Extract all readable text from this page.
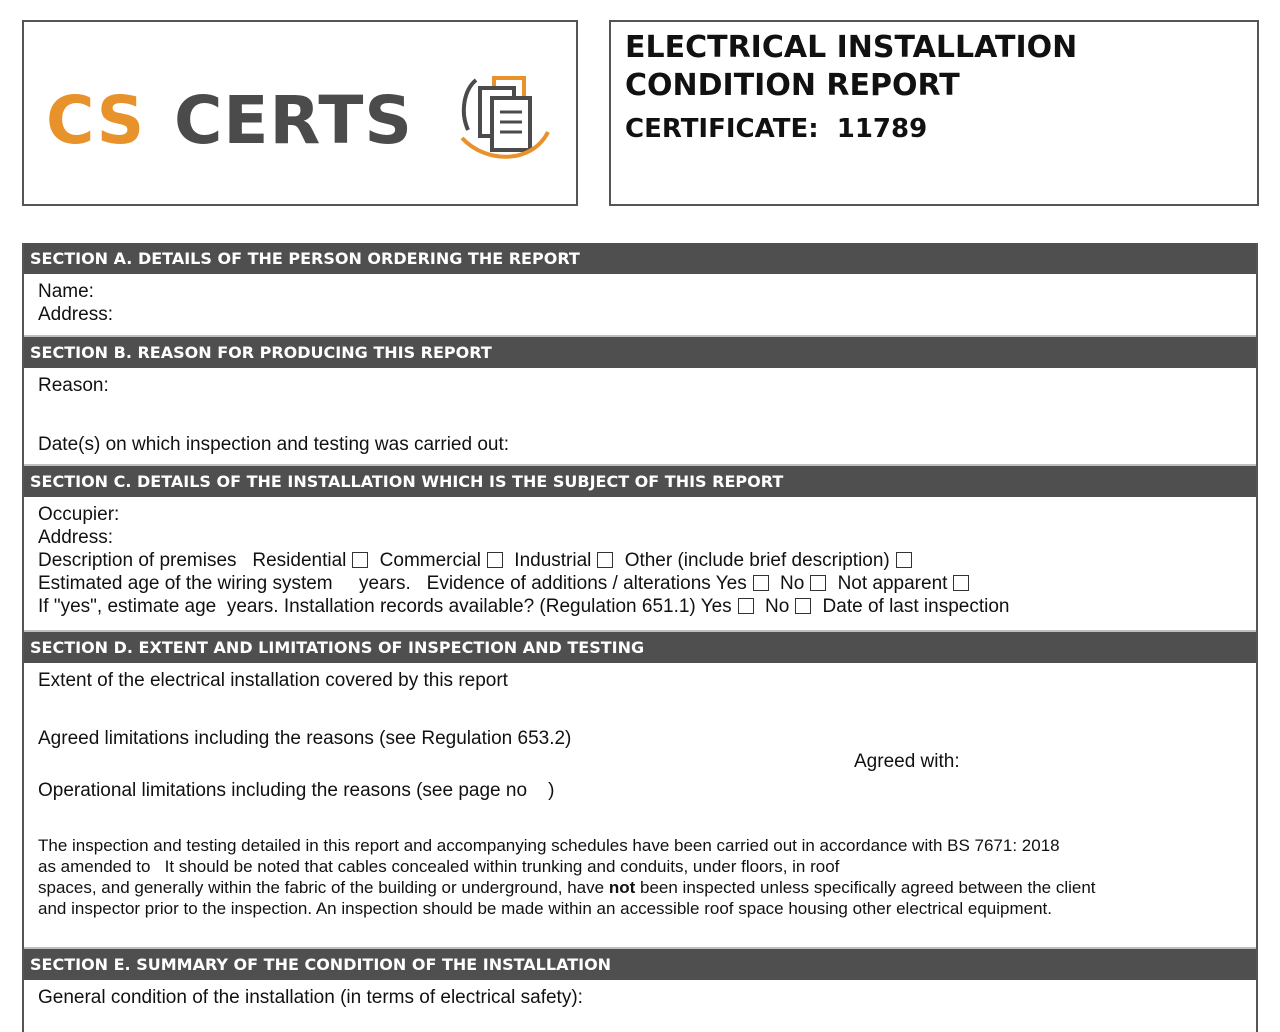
CS CERTS
ELECTRICAL INSTALLATION
CONDITION REPORT
CERTIFICATE: 11789
SECTION A. DETAILS OF THE PERSON ORDERING THE REPORT
Name:
Address:
SECTION B. REASON FOR PRODUCING THIS REPORT
Reason:
Date(s) on which inspection and testing was carried out:
SECTION C. DETAILS OF THE INSTALLATION WHICH IS THE SUBJECT OF THIS REPORT
Occupier:
Address:
Description of premises Residential Commercial Industrial Other (include brief description)
Estimated age of the wiring system years. Evidence of additions / alterations Yes No Not apparent
If "yes", estimate age years. Installation records available? (Regulation 651.1) Yes No Date of last inspection
SECTION D. EXTENT AND LIMITATIONS OF INSPECTION AND TESTING
Extent of the electrical installation covered by this report
Agreed limitations including the reasons (see Regulation 653.2)
Agreed with:
Operational limitations including the reasons (see page no )
The inspection and testing detailed in this report and accompanying schedules have been carried out in accordance with BS 7671: 2018
as amended to   It should be noted that cables concealed within trunking and conduits, under floors, in roof
spaces, and generally within the fabric of the building or underground, have not been inspected unless specifically agreed between the client
and inspector prior to the inspection. An inspection should be made within an accessible roof space housing other electrical equipment.
SECTION E. SUMMARY OF THE CONDITION OF THE INSTALLATION
General condition of the installation (in terms of electrical safety):
